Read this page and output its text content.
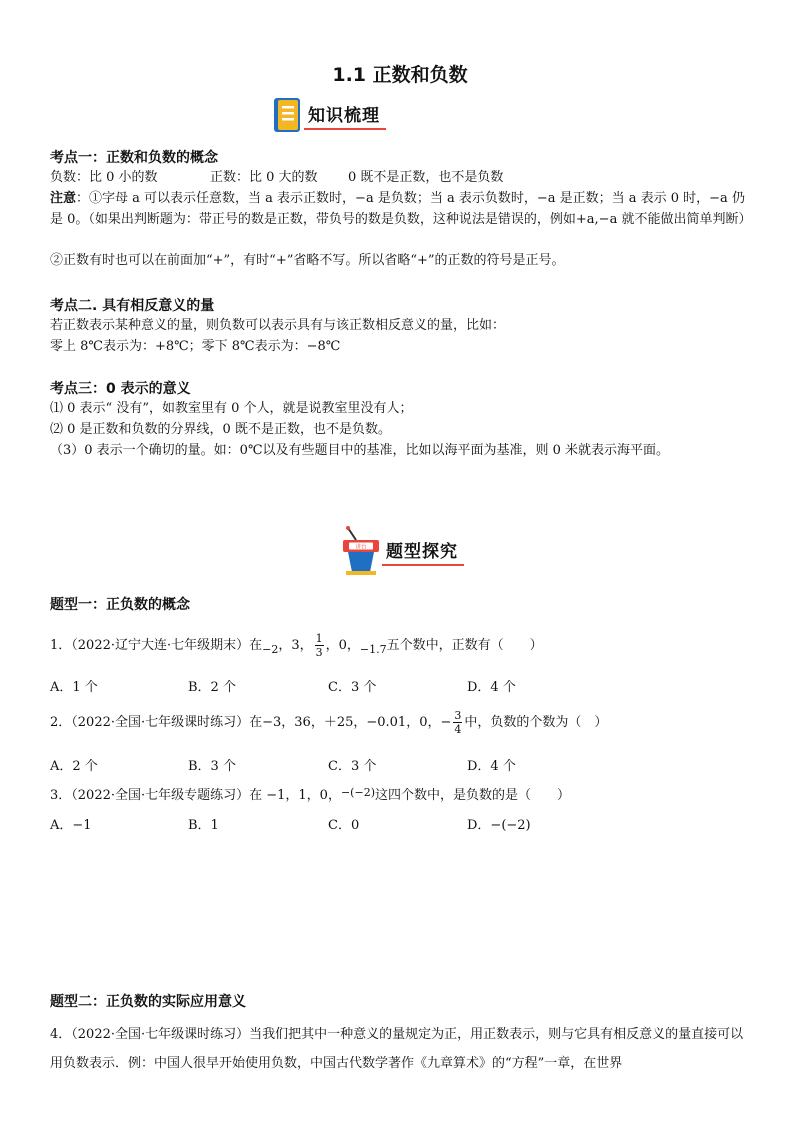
1.1 正数和负数
知识梳理
考点一：正数和负数的概念
负数：比 0 小的数	正数：比 0 大的数 0 既不是正数，也不是负数
注意：①字母 a 可以表示任意数，当 a 表示正数时，−a 是负数；当 a 表示负数时，−a 是正数；当 a 表示 0 时，−a 仍是 0。（如果出判断题为：带正号的数是正数，带负号的数是负数，这种说法是错误的，例如+a,−a 就不能做出简单判断）
②正数有时也可以在前面加“+”，有时“+”省略不写。所以省略“+”的正数的符号是正号。
考点二. 具有相反意义的量
若正数表示某种意义的量，则负数可以表示具有与该正数相反意义的量，比如：
零上 8℃表示为：+8℃；零下 8℃表示为：−8℃
考点三：0 表示的意义
⑴ 0 表示“ 没有”，如教室里有 0 个人，就是说教室里没有人；
⑵ 0 是正数和负数的分界线，0 既不是正数，也不是负数。
（3）0 表示一个确切的量。如：0℃以及有些题目中的基准，比如以海平面为基准，则 0 米就表示海平面。
讲台 题型探究
题型一：正负数的概念
1．（2022·辽宁大连·七年级期末）在$_{-2}$，3， $\frac{1}{3}$ ，0，$_{-1.7}$五个数中，正数有（　　）
A．1 个	B．2 个	C．3 个	D．4 个
2．（2022·全国·七年级课时练习）在−3，36，＋25，−0.01，0，− $\frac{3}{4}$ 中，负数的个数为（　）
A．2 个	B．3 个	C．3 个	D．4 个
3．（2022·全国·七年级专题练习）在 −1，1，0，$^{-(-2)}$这四个数中，是负数的是（　　）
A．−1	B．1	C．0	D．−(−2)
题型二：正负数的实际应用意义
4．（2022·全国·七年级课时练习）当我们把其中一种意义的量规定为正，用正数表示，则与它具有相反意义的量直接可以用负数表示．例：中国人很早开始使用负数，中国古代数学著作《九章算术》的“方程”一章，在世界
